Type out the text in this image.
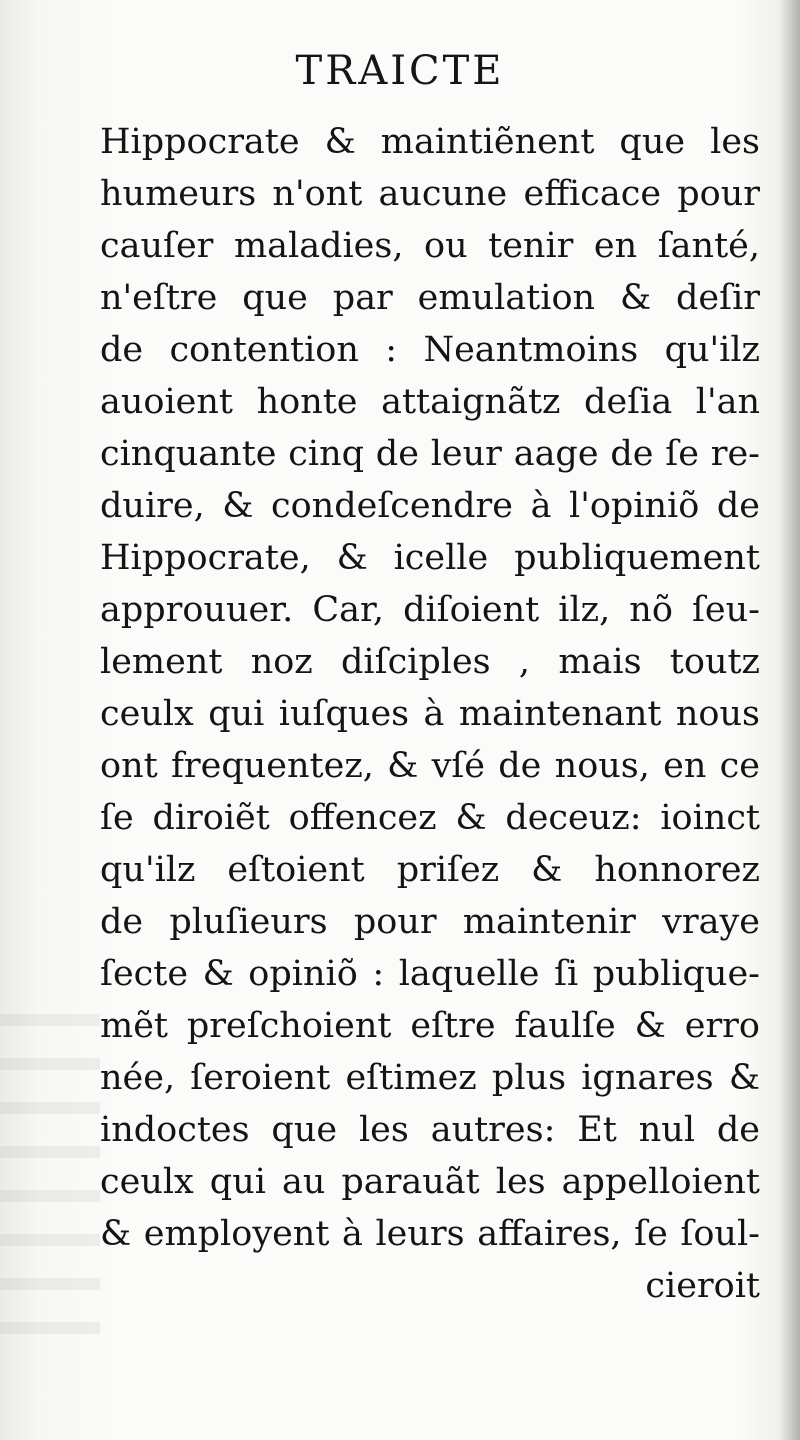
TRAICTE
Hippocrate & maintiẽnent que les
humeurs n'ont aucune efficace pour
cauſer maladies, ou tenir en ſanté,
n'eſtre que par emulation & deſir
de contention : Neantmoins qu'ilz
auoient honte attaignãtz deſia l'an
cinquante cinq de leur aage de ſe re-
duire, & condeſcendre à l'opiniõ de
Hippocrate, & icelle publiquement
approuuer. Car, diſoient ilz, nõ ſeu-
lement noz diſciples , mais toutz
ceulx qui iuſques à maintenant nous
ont frequentez, & vſé de nous, en ce
ſe diroiẽt offencez & deceuz: ioinct
qu'ilz eſtoient priſez & honnorez
de pluſieurs pour maintenir vraye
ſecte & opiniõ : laquelle ſi publique-
mẽt preſchoient eſtre faulſe & erro
née, ſeroient eſtimez plus ignares &
indoctes que les autres: Et nul de
ceulx qui au parauãt les appelloient
& employent à leurs affaires, ſe ſoul-
cieroit
